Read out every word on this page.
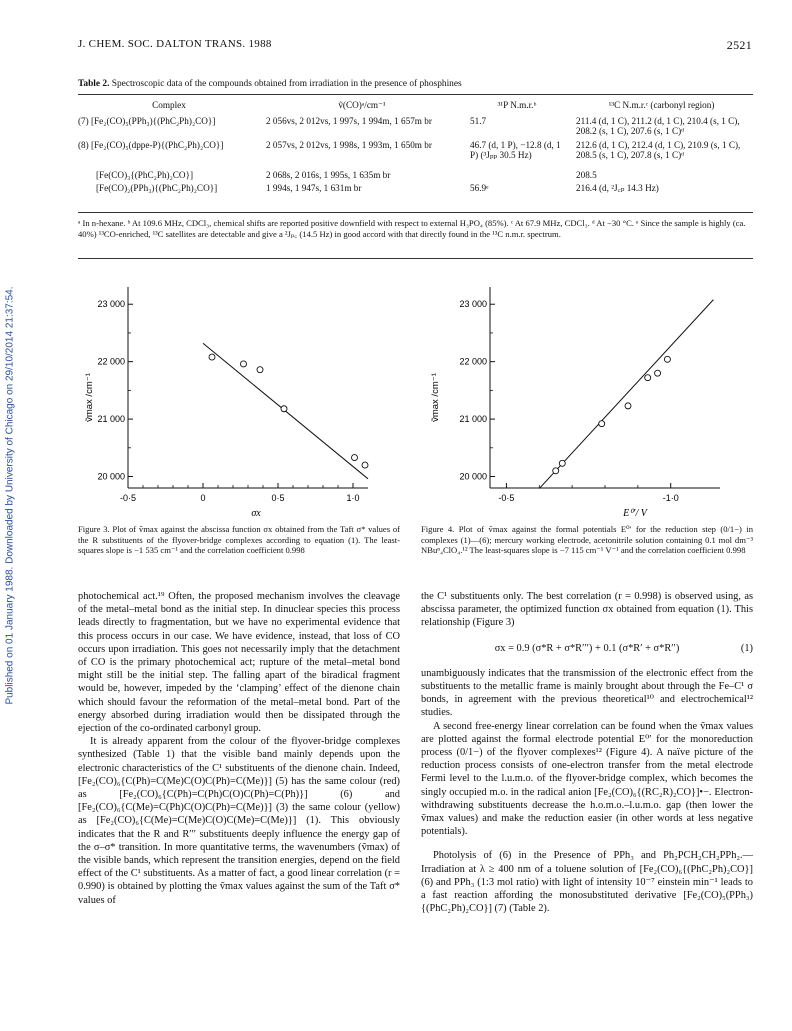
Published on 01 January 1988. Downloaded by University of Chicago on 29/10/2014 21:37:54.
J. CHEM. SOC. DALTON TRANS. 1988	2521
Table 2. Spectroscopic data of the compounds obtained from irradiation in the presence of phosphines
Complex	ṽ(CO)ᵃ/cm⁻¹	³¹P N.m.r.ᵇ	¹³C N.m.r.ᶜ (carbonyl region)
(7) [Fe₂(CO)₅(PPh₃){(PhC₂Ph)₂CO}]	2 056vs, 2 012vs, 1 997s, 1 994m, 1 657m br	51.7	211.4 (d, 1 C), 211.2 (d, 1 C), 210.4 (s, 1 C), 208.2 (s, 1 C), 207.6 (s, 1 C)ᵈ
(8) [Fe₂(CO)₅(dppe-P){(PhC₂Ph)₂CO}]	2 057vs, 2 012vs, 1 998s, 1 993m, 1 650m br	46.7 (d, 1 P), −12.8 (d, 1 P) (³Jₚₚ 30.5 Hz)	212.6 (d, 1 C), 212.4 (d, 1 C), 210.9 (s, 1 C), 208.5 (s, 1 C), 207.8 (s, 1 C)ᵈ
[Fe(CO)₃{(PhC₂Ph)₂CO}]	2 068s, 2 016s, 1 995s, 1 635m br		208.5
[Fe(CO)₂(PPh₃){(PhC₂Ph)₂CO}]	1 994s, 1 947s, 1 631m br	56.9ᵉ	216.4 (d, ²J꜀ₚ 14.3 Hz)
ᵃ In n-hexane. ᵇ At 109.6 MHz, CDCl₃, chemical shifts are reported positive downfield with respect to external H₃PO₄ (85%). ᶜ At 67.9 MHz, CDCl₃. ᵈ At −30 °C. ᵉ Since the sample is highly (ca. 40%) ¹³CO-enriched, ¹³C satellites are detectable and give a ²Jₚ꜀ (14.5 Hz) in good accord with that directly found in the ¹³C n.m.r. spectrum.
23 000
22 000
21 000
20 000
-0·5	0	0·5	1·0
σx
ṽmax /cm⁻¹
Figure 3. Plot of ṽmax against the abscissa function σx obtained from the Taft σ* values of the R substituents of the flyover-bridge complexes according to equation (1). The least-squares slope is −1 535 cm⁻¹ and the correlation coefficient 0.998
23 000
22 000
21 000
20 000
-0·5	-1·0
E⁰′/ V
ṽmax /cm⁻¹
Figure 4. Plot of ṽmax against the formal potentials E⁰′ for the reduction step (0/1−) in complexes (1)—(6); mercury working electrode, acetonitrile solution containing 0.1 mol dm⁻³ NBuⁿ₄ClO₄.¹² The least-squares slope is −7 115 cm⁻¹ V⁻¹ and the correlation coefficient 0.998

photochemical act.¹⁹ Often, the proposed mechanism involves the cleavage of the metal–metal bond as the initial step. In dinuclear species this process leads directly to fragmentation, but we have no experimental evidence that this process occurs in our case. We have evidence, instead, that loss of CO occurs upon irradiation. This goes not necessarily imply that the detachment of CO is the primary photochemical act; rupture of the metal–metal bond might still be the initial step. The falling apart of the biradical fragment would be, however, impeded by the ‘clamping’ effect of the dienone chain which should favour the reformation of the metal–metal bond. Part of the energy absorbed during irradiation would then be dissipated through the ejection of the co-ordinated carbonyl group.

It is already apparent from the colour of the flyover-bridge complexes synthesized (Table 1) that the visible band mainly depends upon the electronic characteristics of the C¹ substituents of the dienone chain. Indeed, [Fe₂(CO)₆{C(Ph)=C(Me)C(O)C(Ph)=C(Me)}] (5) has the same colour (red) as [Fe₂(CO)₆{C(Ph)=C(Ph)C(O)C(Ph)=C(Ph)}] (6) and [Fe₂(CO)₆{C(Me)=C(Ph)C(O)C(Ph)=C(Me)}] (3) the same colour (yellow) as [Fe₂(CO)₆{C(Me)=C(Me)C(O)C(Me)=C(Me)}] (1). This obviously indicates that the R and R′′′ substituents deeply influence the energy gap of the σ–σ* transition. In more quantitative terms, the wavenumbers (ṽmax) of the visible bands, which represent the transition energies, depend on the field effect of the C¹ substituents. As a matter of fact, a good linear correlation (r = 0.990) is obtained by plotting the ṽmax values against the sum of the Taft σ* values of

the C¹ substituents only. The best correlation (r = 0.998) is observed using, as abscissa parameter, the optimized function σx obtained from equation (1). This relationship (Figure 3)

σx = 0.9 (σ*R + σ*R′′′) + 0.1 (σ*R′ + σ*R′′)	(1)

unambiguously indicates that the transmission of the electronic effect from the substituents to the metallic frame is mainly brought about through the Fe–C¹ σ bonds, in agreement with the previous theoretical¹⁰ and electrochemical¹² studies.

A second free-energy linear correlation can be found when the ṽmax values are plotted against the formal electrode potential E⁰′ for the monoreduction process (0/1−) of the flyover complexes¹² (Figure 4). A naïve picture of the reduction process consists of one-electron transfer from the metal electrode Fermi level to the l.u.m.o. of the flyover-bridge complex, which becomes the singly occupied m.o. in the radical anion [Fe₂(CO)₆{(RC₂R)₂CO}]•−. Electron-withdrawing substituents decrease the h.o.m.o.–l.u.m.o. gap (then lower the ṽmax values) and make the reduction easier (in other words at less negative potentials).

Photolysis of (6) in the Presence of PPh₃ and Ph₂PCH₂CH₂PPh₂.—Irradiation at λ ≥ 400 nm of a toluene solution of [Fe₂(CO)₆{(PhC₂Ph)₂CO}] (6) and PPh₃ (1:3 mol ratio) with light of intensity 10⁻⁷ einstein min⁻¹ leads to a fast reaction affording the monosubstituted derivative [Fe₂(CO)₅(PPh₃){(PhC₂Ph)₂CO}] (7) (Table 2).
